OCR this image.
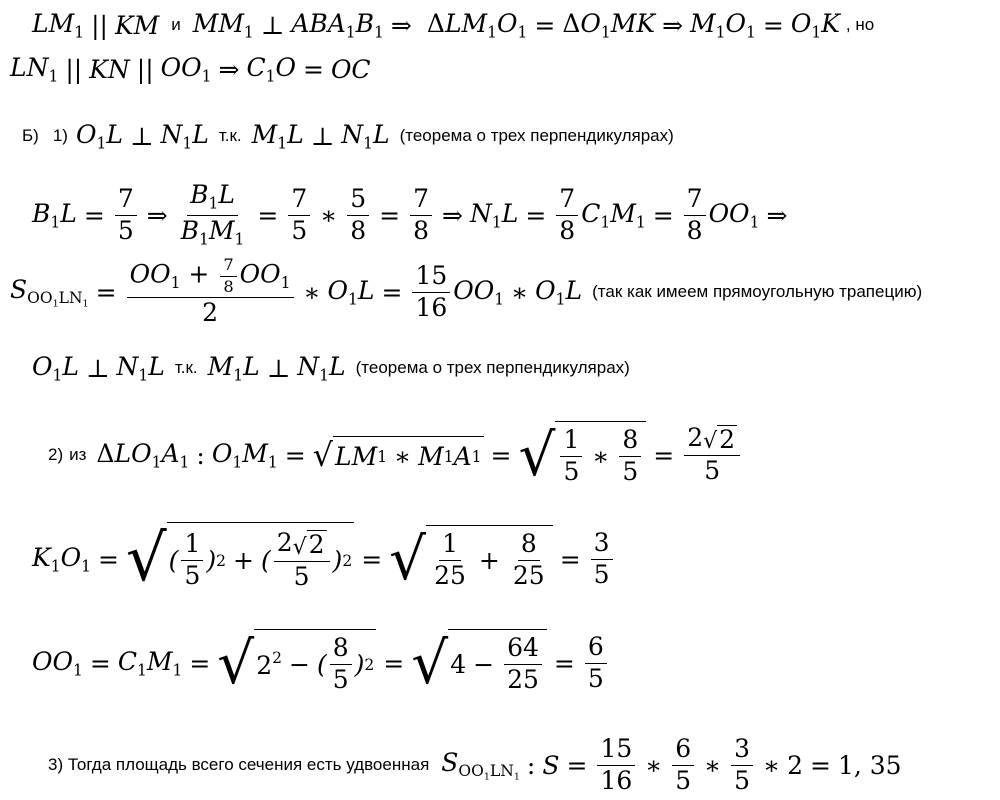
$LM_1$ || KM и $MM_1$ ⊥ $ABA_1B_1$ ⇒ $\Delta LM_1O_1 = \Delta O_1MK$ ⇒ $M_1O_1 = O_1K$ , но
$LN_1$ || KN || $OO_1$ ⇒ $C_1O$ = OC
Б) 1) $O_1L$ ⊥ $N_1L$ т.к. $M_1L$ ⊥ $N_1L$ (теорема о трех перпендикулярах)
$B_1L = \frac{7}{5}$ ⇒ $\frac{B_1L}{B_1M_1} = \frac{7}{5}$ ∗ $\frac{5}{8} = \frac{7}{8}$ ⇒ $N_1L = \frac{7}{8} C_1M_1 = \frac{7}{8} OO_1$ ⇒
$S_{OO_1LN_1} = \frac{OO_1 + \frac{7}{8} OO_1}{2}$ ∗ $O_1L = \frac{15}{16} OO_1$ ∗ $O_1L$ (так как имеем прямоугольную трапецию)
$O_1L$ ⊥ $N_1L$ т.к. $M_1L$ ⊥ $N_1L$ (теорема о трех перпендикулярах)
2) из $\Delta LO_1A_1$ : $O_1M_1$ = √ LM 1 ∗ M 1 A 1 = √ $\frac{1}{5}$ ∗ $\frac{8}{5} = \frac{2 √ 2}{5}$
$K_1O_1$ = √ ( $\frac{1}{5}$ ) 2 + ( $\frac{2 √ 2}{5}$ ) 2 = √ $\frac{1}{25} + \frac{8}{25} = \frac{3}{5}$
$OO_1 = C_1M_1$ = √ $2^2$ − ( $\frac{8}{5}$ ) 2 = √ $4 - \frac{64}{25} = \frac{6}{5}$
3) Тогда площадь всего сечения есть удвоенная $S_{OO_1LN_1}$ : $S = \frac{15}{16}$ ∗ $\frac{6}{5}$ ∗ $\frac{3}{5}$ ∗ 2 = 1, 35
